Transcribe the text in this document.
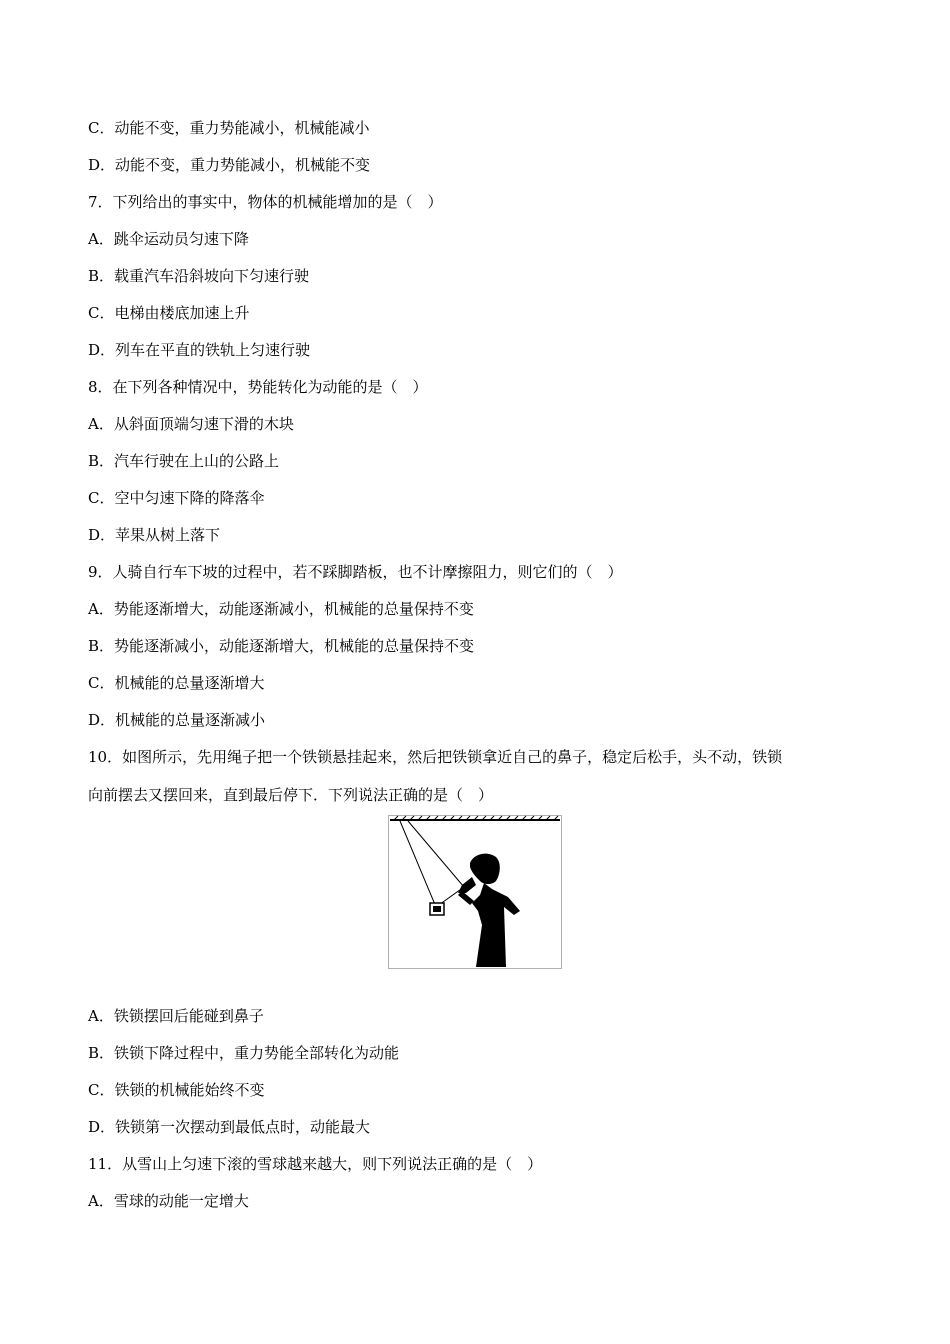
C．动能不变，重力势能减小，机械能减小
D．动能不变，重力势能减小，机械能不变
7．下列给出的事实中，物体的机械能增加的是（　）
A．跳伞运动员匀速下降
B．载重汽车沿斜坡向下匀速行驶
C．电梯由楼底加速上升
D．列车在平直的铁轨上匀速行驶
8．在下列各种情况中，势能转化为动能的是（　）
A．从斜面顶端匀速下滑的木块
B．汽车行驶在上山的公路上
C．空中匀速下降的降落伞
D．苹果从树上落下
9．人骑自行车下坡的过程中，若不踩脚踏板，也不计摩擦阻力，则它们的（　）
A．势能逐渐增大，动能逐渐减小，机械能的总量保持不变
B．势能逐渐减小，动能逐渐增大，机械能的总量保持不变
C．机械能的总量逐渐增大
D．机械能的总量逐渐减小
10．如图所示，先用绳子把一个铁锁悬挂起来，然后把铁锁拿近自己的鼻子，稳定后松手，头不动，铁锁
向前摆去又摆回来，直到最后停下．下列说法正确的是（　）
A．铁锁摆回后能碰到鼻子
B．铁锁下降过程中，重力势能全部转化为动能
C．铁锁的机械能始终不变
D．铁锁第一次摆动到最低点时，动能最大
11．从雪山上匀速下滚的雪球越来越大，则下列说法正确的是（　）
A．雪球的动能一定增大
